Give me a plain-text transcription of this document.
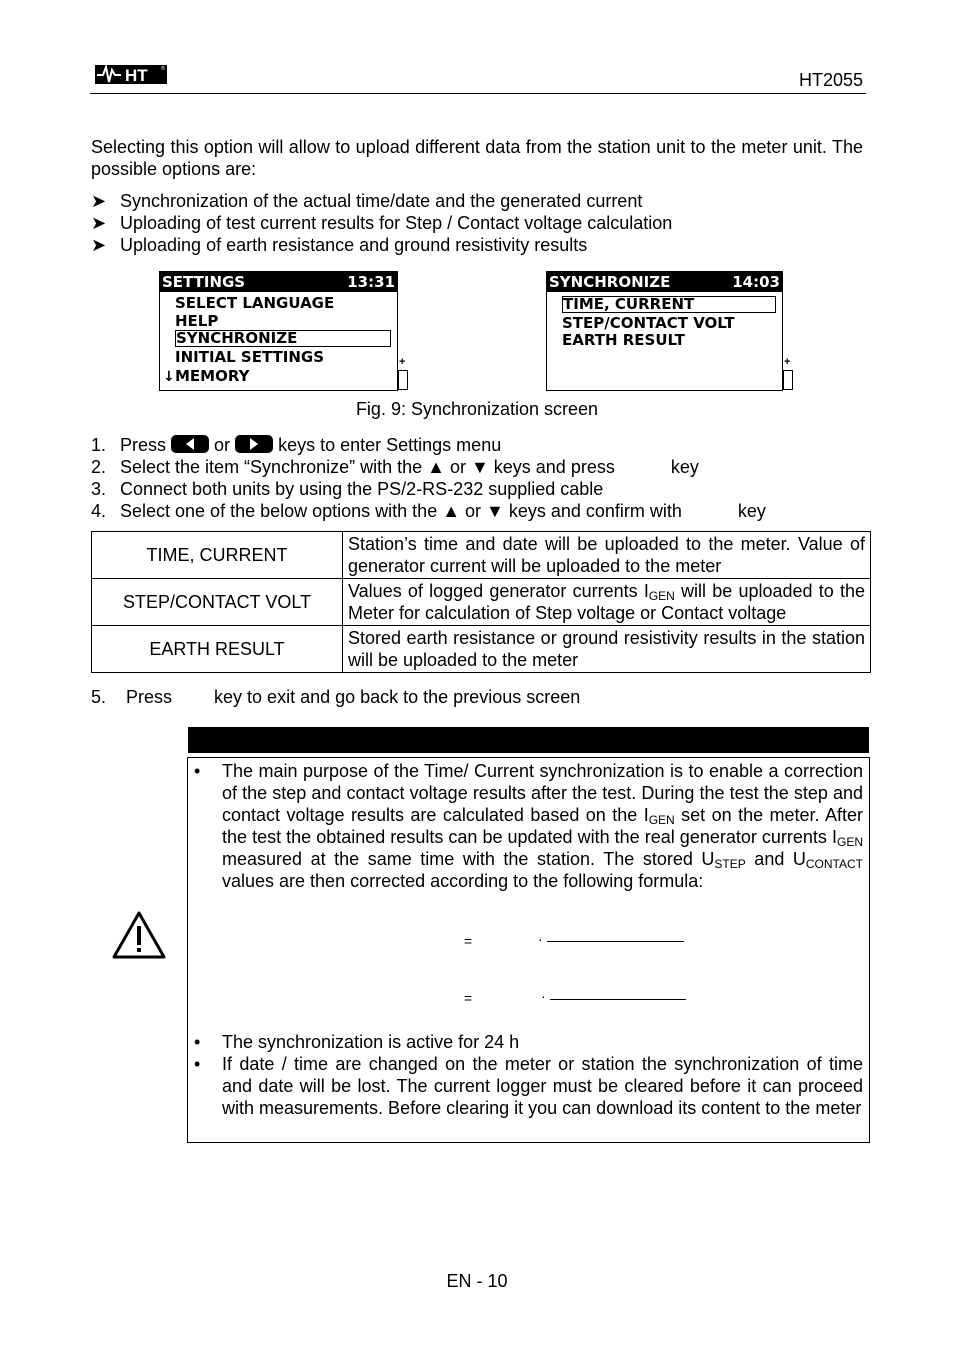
HT	®
HT2055
Selecting this option will allow to upload different data from the station unit to the meter unit. The possible options are:
➤ Synchronization of the actual time/date and the generated current
➤ Uploading of test current results for Step / Contact voltage calculation
➤ Uploading of earth resistance and ground resistivity results
SETTINGS	13:31
SELECT LANGUAGE
HELP
SYNCHRONIZE
INITIAL SETTINGS
MEMORY
↓
+
SYNCHRONIZE	14:03
TIME, CURRENT
STEP/CONTACT VOLT
EARTH RESULT
+
Fig. 9: Synchronization screen
1. Press	or	keys to enter Settings menu
2. Select the item “Synchronize” with the ▲ or ▼ keys and press	key
3. Connect both units by using the PS/2-RS-232 supplied cable
4. Select one of the below options with the ▲ or ▼ keys and confirm with	key
TIME, CURRENT	Station’s time and date will be uploaded to the meter. Value of generator current will be uploaded to the meter
STEP/CONTACT VOLT	Values of logged generator currents $I_{GEN}$ will be uploaded to the Meter for calculation of Step voltage or Contact voltage
EARTH RESULT	Stored earth resistance or ground resistivity results in the station will be uploaded to the meter
5. Press key to exit and go back to the previous screen
• The main purpose of the Time/ Current synchronization is to enable a correction of the step and contact voltage results after the test. During the test the step and contact voltage results are calculated based on the $I_{GEN}$ set on the meter. After the test the obtained results can be updated with the real generator currents $I_{GEN}$ measured at the same time with the station. The stored $U_{STEP}$ and $U_{CONTACT}$ values are then corrected according to the following formula:
• The synchronization is active for 24 h
• If date / time are changed on the meter or station the synchronization of time and date will be lost. The current logger must be cleared before it can proceed with measurements. Before clearing it you can download its content to the meter
=	·
=	·
EN - 10
